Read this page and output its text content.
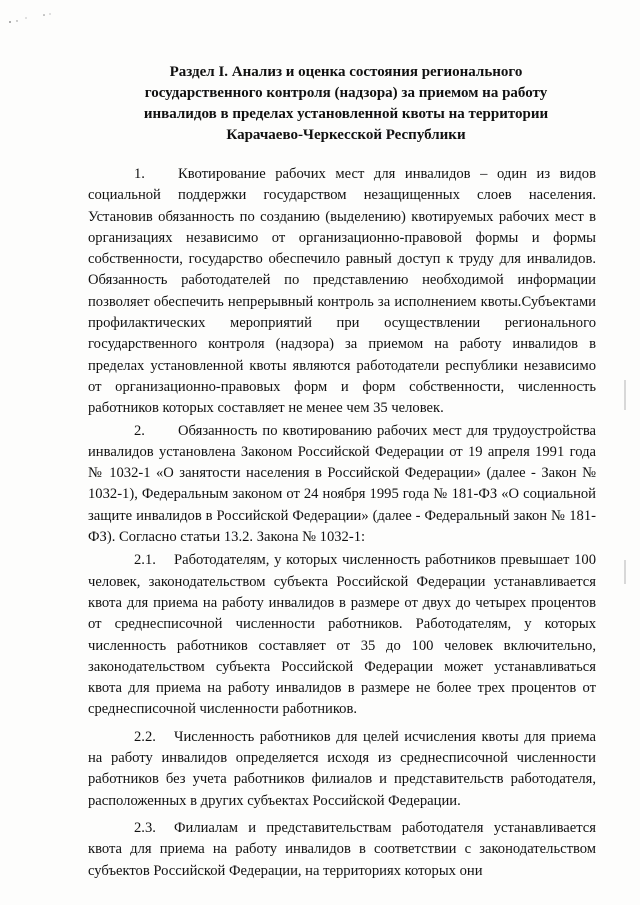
Раздел I. Анализ и оценка состояния регионального
государственного контроля (надзора) за приемом на работу
инвалидов в пределах установленной квоты на территории
Карачаево-Черкесской Республики

1. Квотирование рабочих мест для инвалидов – один из видов социальной поддержки государством незащищенных слоев населения. Установив обязанность по созданию (выделению) квотируемых рабочих мест в организациях независимо от организационно-правовой формы и формы собственности, государство обеспечило равный доступ к труду для инвалидов. Обязанность работодателей по представлению необходимой информации позволяет обеспечить непрерывный контроль за исполнением квоты.Субъектами профилактических мероприятий при осуществлении регионального государственного контроля (надзора) за приемом на работу инвалидов в пределах установленной квоты являются работодатели республики независимо от организационно-правовых форм и форм собственности, численность работников которых составляет не менее чем 35 человек.

2. Обязанность по квотированию рабочих мест для трудоустройства инвалидов установлена Законом Российской Федерации от 19 апреля 1991 года № 1032-1 «О занятости населения в Российской Федерации» (далее - Закон № 1032-1), Федеральным законом от 24 ноября 1995 года № 181-ФЗ «О социальной защите инвалидов в Российской Федерации» (далее - Федеральный закон № 181- ФЗ). Согласно статьи 13.2. Закона № 1032-1:

2.1. Работодателям, у которых численность работников превышает 100 человек, законодательством субъекта Российской Федерации устанавливается квота для приема на работу инвалидов в размере от двух до четырех процентов от среднесписочной численности работников. Работодателям, у которых численность работников составляет от 35 до 100 человек включительно, законодательством субъекта Российской Федерации может устанавливаться квота для приема на работу инвалидов в размере не более трех процентов от среднесписочной численности работников.

2.2. Численность работников для целей исчисления квоты для приема на работу инвалидов определяется исходя из среднесписочной численности работников без учета работников филиалов и представительств работодателя, расположенных в других субъектах Российской Федерации.

2.3. Филиалам и представительствам работодателя устанавливается квота для приема на работу инвалидов в соответствии с законодательством субъектов Российской Федерации, на территориях которых они
